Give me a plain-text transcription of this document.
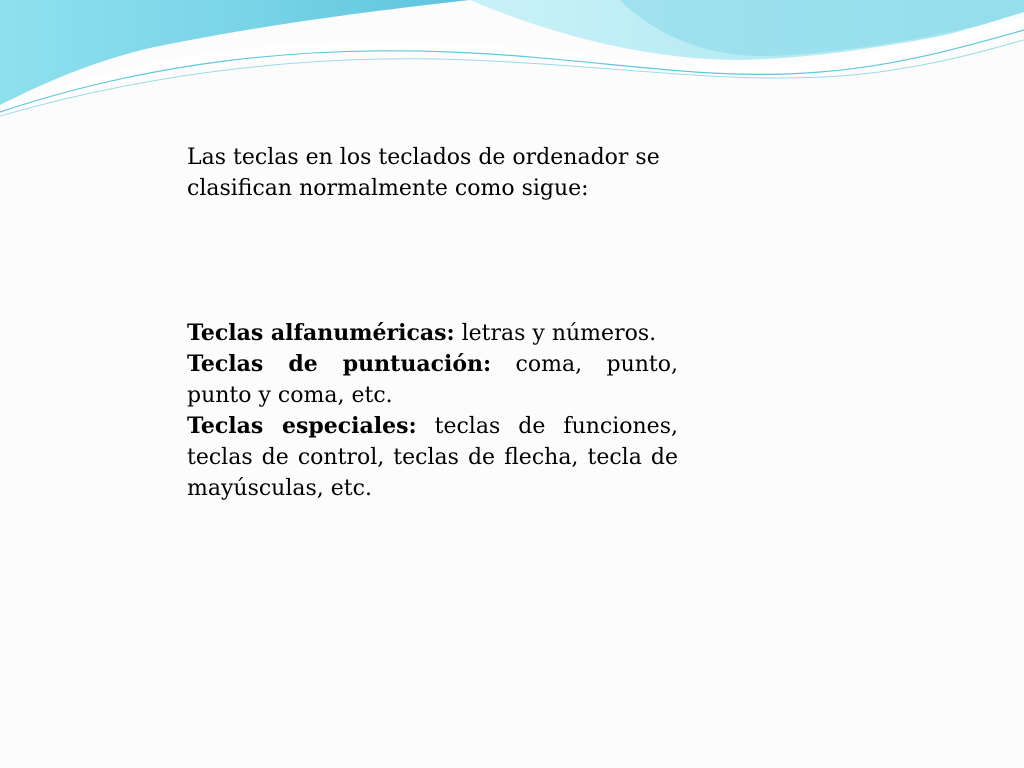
Las teclas en los teclados de ordenador se clasifican normalmente como sigue:

Teclas alfanuméricas: letras y números.
Teclas de puntuación: coma, punto, punto y coma, etc.
Teclas especiales: teclas de funciones, teclas de control, teclas de flecha, tecla de mayúsculas, etc.
